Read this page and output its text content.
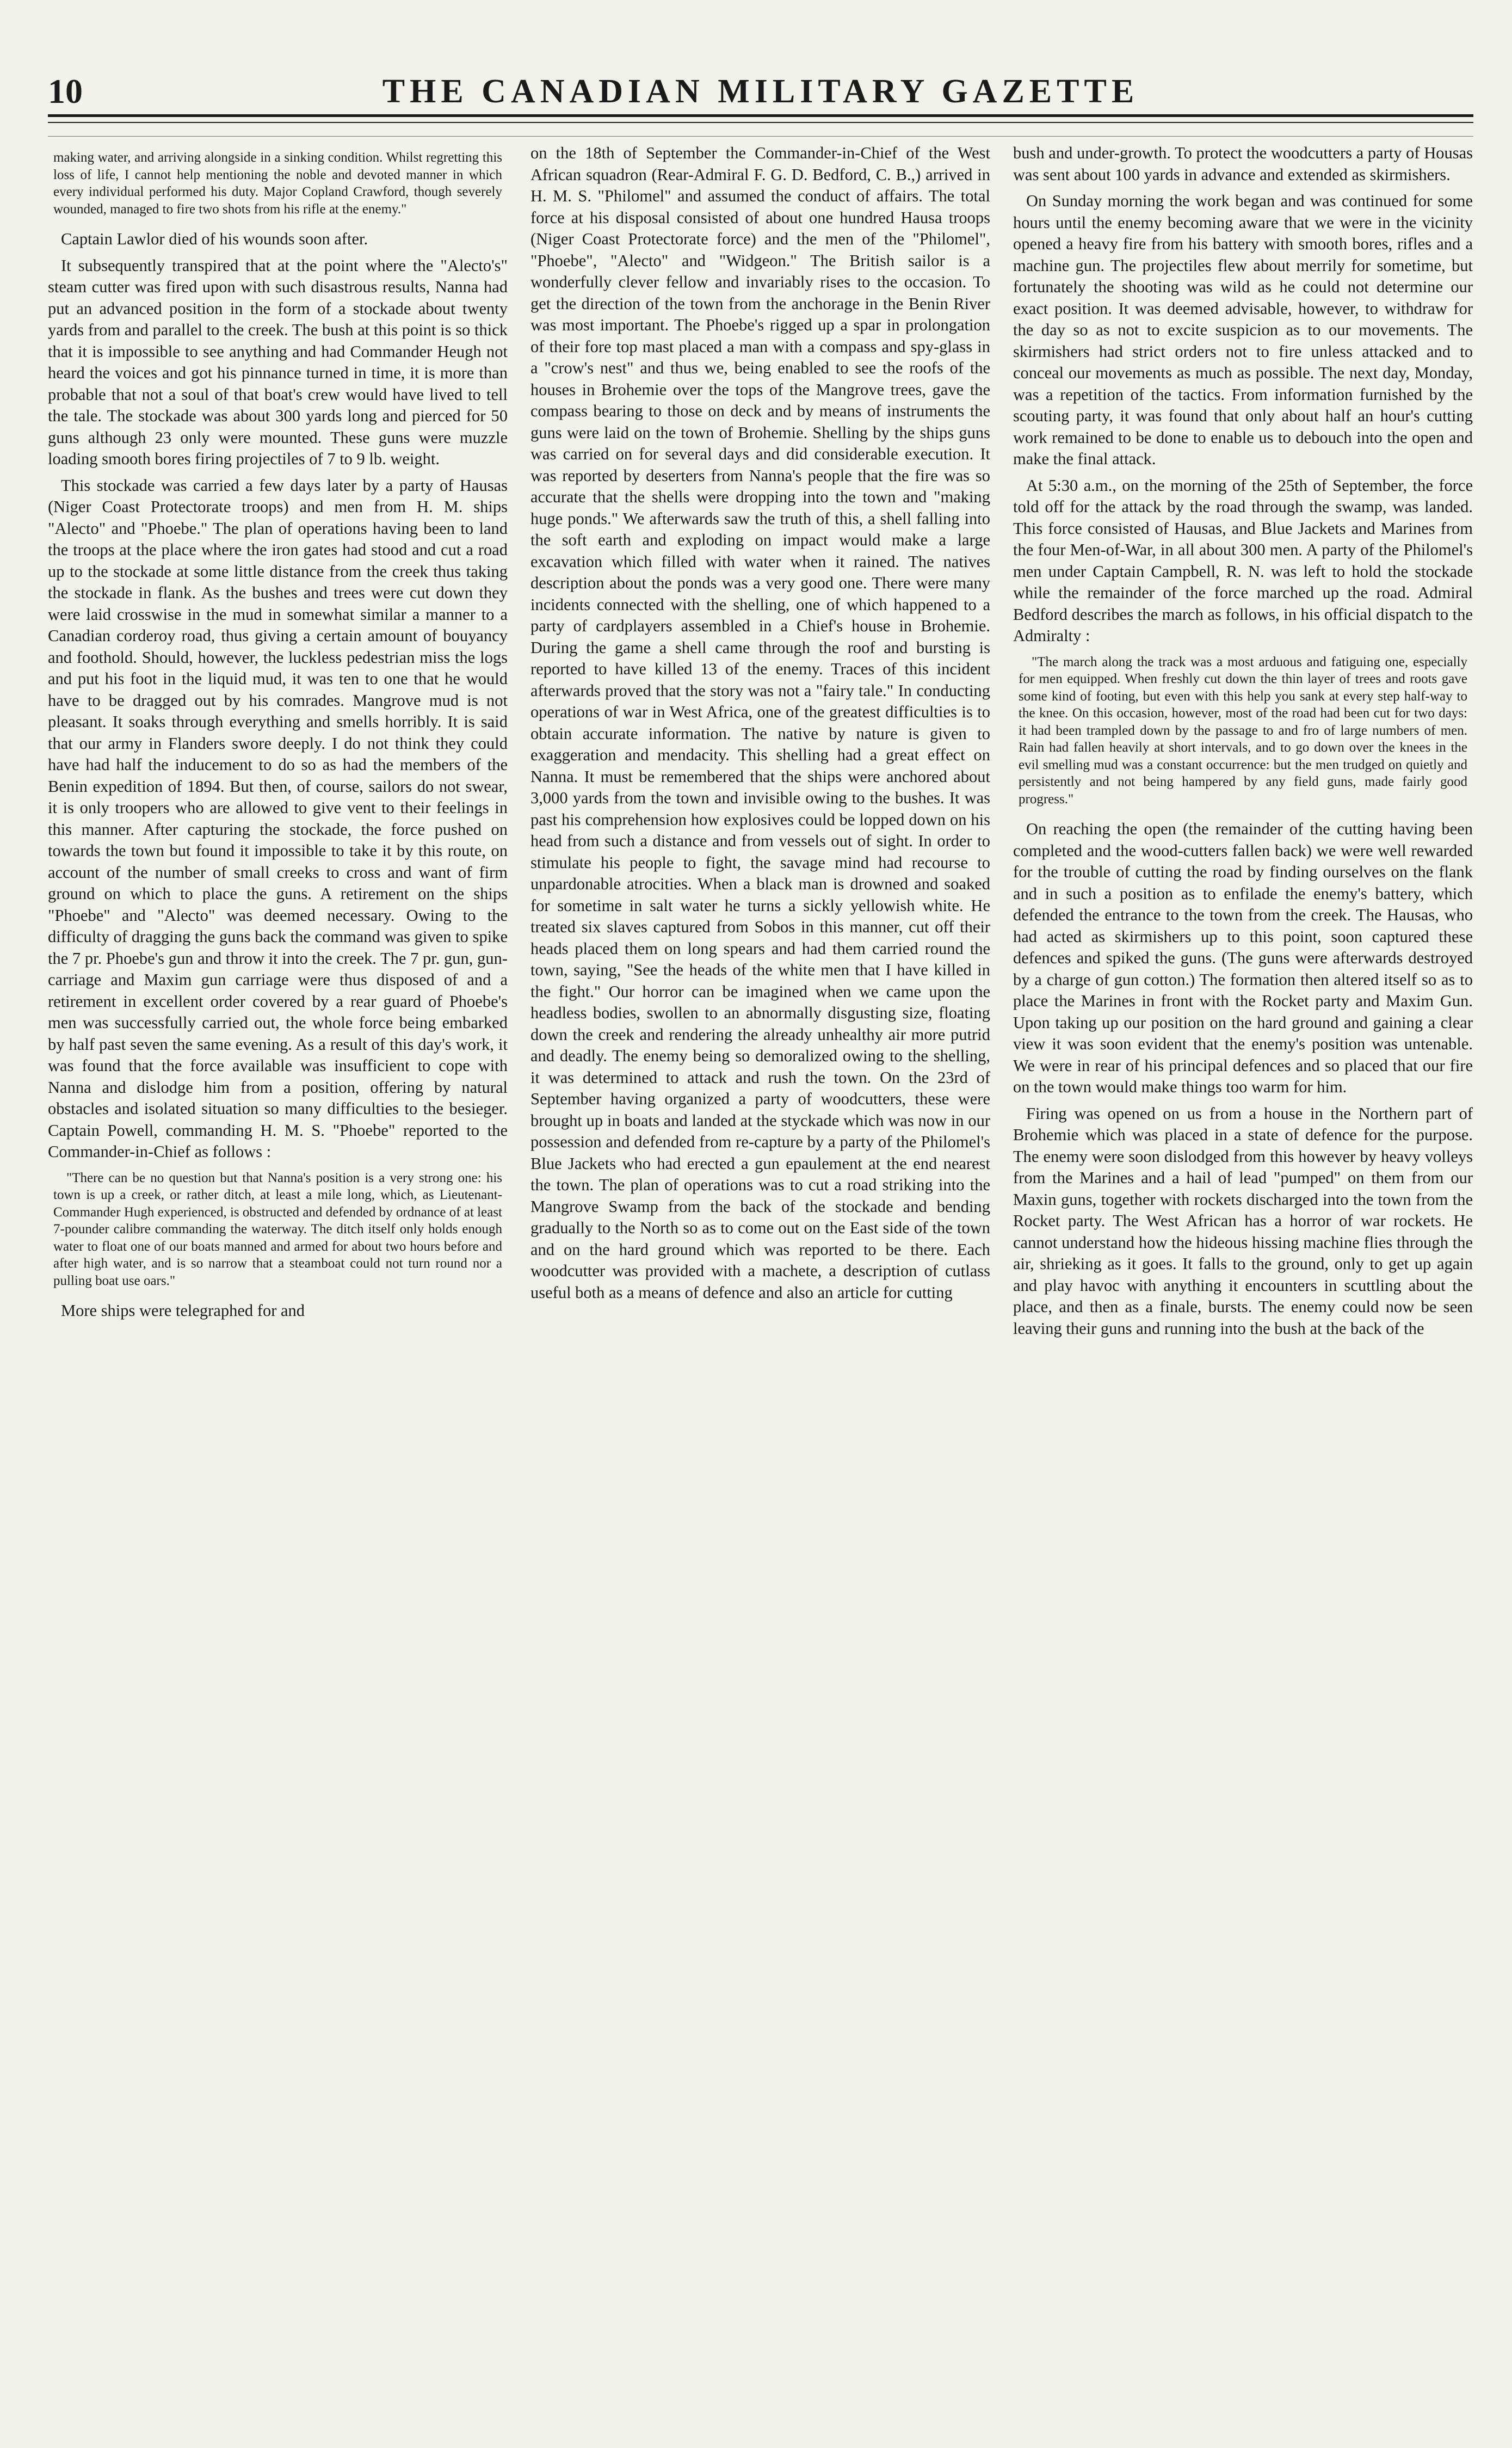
10	THE CANADIAN MILITARY GAZETTE

making water, and arriving alongside in a sinking condition. Whilst regretting this loss of life, I cannot help mentioning the noble and devoted manner in which every individual performed his duty. Major Copland Crawford, though severely wounded, managed to fire two shots from his rifle at the enemy."

Captain Lawlor died of his wounds soon after.

It subsequently transpired that at the point where the "Alecto's" steam cutter was fired upon with such disastrous results, Nanna had put an advanced position in the form of a stockade about twenty yards from and parallel to the creek. The bush at this point is so thick that it is impossible to see anything and had Commander Heugh not heard the voices and got his pinnance turned in time, it is more than probable that not a soul of that boat's crew would have lived to tell the tale. The stockade was about 300 yards long and pierced for 50 guns although 23 only were mounted. These guns were muzzle loading smooth bores firing projectiles of 7 to 9 lb. weight.

This stockade was carried a few days later by a party of Hausas (Niger Coast Protectorate troops) and men from H. M. ships "Alecto" and "Phoebe." The plan of operations having been to land the troops at the place where the iron gates had stood and cut a road up to the stockade at some little distance from the creek thus taking the stockade in flank. As the bushes and trees were cut down they were laid crosswise in the mud in somewhat similar a manner to a Canadian corderoy road, thus giving a certain amount of bouyancy and foothold. Should, however, the luckless pedestrian miss the logs and put his foot in the liquid mud, it was ten to one that he would have to be dragged out by his comrades. Mangrove mud is not pleasant. It soaks through everything and smells horribly. It is said that our army in Flanders swore deeply. I do not think they could have had half the inducement to do so as had the members of the Benin expedition of 1894. But then, of course, sailors do not swear, it is only troopers who are allowed to give vent to their feelings in this manner. After capturing the stockade, the force pushed on towards the town but found it impossible to take it by this route, on account of the number of small creeks to cross and want of firm ground on which to place the guns. A retirement on the ships "Phoebe" and "Alecto" was deemed necessary. Owing to the difficulty of dragging the guns back the command was given to spike the 7 pr. Phoebe's gun and throw it into the creek. The 7 pr. gun, gun-carriage and Maxim gun carriage were thus disposed of and a retirement in excellent order covered by a rear guard of Phoebe's men was successfully carried out, the whole force being embarked by half past seven the same evening. As a result of this day's work, it was found that the force available was insufficient to cope with Nanna and dislodge him from a position, offering by natural obstacles and isolated situation so many difficulties to the besieger. Captain Powell, commanding H. M. S. "Phoebe" reported to the Commander-in-Chief as follows :

"There can be no question but that Nanna's position is a very strong one: his town is up a creek, or rather ditch, at least a mile long, which, as Lieutenant-Commander Hugh experienced, is obstructed and defended by ordnance of at least 7-pounder calibre commanding the waterway. The ditch itself only holds enough water to float one of our boats manned and armed for about two hours before and after high water, and is so narrow that a steamboat could not turn round nor a pulling boat use oars."

More ships were telegraphed for and

on the 18th of September the Commander-in-Chief of the West African squadron (Rear-Admiral F. G. D. Bedford, C. B.,) arrived in H. M. S. "Philomel" and assumed the conduct of affairs. The total force at his disposal consisted of about one hundred Hausa troops (Niger Coast Protectorate force) and the men of the "Philomel", "Phoebe", "Alecto" and "Widgeon." The British sailor is a wonderfully clever fellow and invariably rises to the occasion. To get the direction of the town from the anchorage in the Benin River was most important. The Phoebe's rigged up a spar in prolongation of their fore top mast placed a man with a compass and spy-glass in a "crow's nest" and thus we, being enabled to see the roofs of the houses in Brohemie over the tops of the Mangrove trees, gave the compass bearing to those on deck and by means of instruments the guns were laid on the town of Brohemie. Shelling by the ships guns was carried on for several days and did considerable execution. It was reported by deserters from Nanna's people that the fire was so accurate that the shells were dropping into the town and "making huge ponds." We afterwards saw the truth of this, a shell falling into the soft earth and exploding on impact would make a large excavation which filled with water when it rained. The natives description about the ponds was a very good one. There were many incidents connected with the shelling, one of which happened to a party of cardplayers assembled in a Chief's house in Brohemie. During the game a shell came through the roof and bursting is reported to have killed 13 of the enemy. Traces of this incident afterwards proved that the story was not a "fairy tale." In conducting operations of war in West Africa, one of the greatest difficulties is to obtain accurate information. The native by nature is given to exaggeration and mendacity. This shelling had a great effect on Nanna. It must be remembered that the ships were anchored about 3,000 yards from the town and invisible owing to the bushes. It was past his comprehension how explosives could be lopped down on his head from such a distance and from vessels out of sight. In order to stimulate his people to fight, the savage mind had recourse to unpardonable atrocities. When a black man is drowned and soaked for sometime in salt water he turns a sickly yellowish white. He treated six slaves captured from Sobos in this manner, cut off their heads placed them on long spears and had them carried round the town, saying, "See the heads of the white men that I have killed in the fight." Our horror can be imagined when we came upon the headless bodies, swollen to an abnormally disgusting size, floating down the creek and rendering the already unhealthy air more putrid and deadly. The enemy being so demoralized owing to the shelling, it was determined to attack and rush the town. On the 23rd of September having organized a party of woodcutters, these were brought up in boats and landed at the styckade which was now in our possession and defended from re-capture by a party of the Philomel's Blue Jackets who had erected a gun epaulement at the end nearest the town. The plan of operations was to cut a road striking into the Mangrove Swamp from the back of the stockade and bending gradually to the North so as to come out on the East side of the town and on the hard ground which was reported to be there. Each woodcutter was provided with a machete, a description of cutlass useful both as a means of defence and also an article for cutting

bush and under-growth. To protect the woodcutters a party of Housas was sent about 100 yards in advance and extended as skirmishers.

On Sunday morning the work began and was continued for some hours until the enemy becoming aware that we were in the vicinity opened a heavy fire from his battery with smooth bores, rifles and a machine gun. The projectiles flew about merrily for sometime, but fortunately the shooting was wild as he could not determine our exact position. It was deemed advisable, however, to withdraw for the day so as not to excite suspicion as to our movements. The skirmishers had strict orders not to fire unless attacked and to conceal our movements as much as possible. The next day, Monday, was a repetition of the tactics. From information furnished by the scouting party, it was found that only about half an hour's cutting work remained to be done to enable us to debouch into the open and make the final attack.

At 5:30 a.m., on the morning of the 25th of September, the force told off for the attack by the road through the swamp, was landed. This force consisted of Hausas, and Blue Jackets and Marines from the four Men-of-War, in all about 300 men. A party of the Philomel's men under Captain Campbell, R. N. was left to hold the stockade while the remainder of the force marched up the road. Admiral Bedford describes the march as follows, in his official dispatch to the Admiralty :

"The march along the track was a most arduous and fatiguing one, especially for men equipped. When freshly cut down the thin layer of trees and roots gave some kind of footing, but even with this help you sank at every step half-way to the knee. On this occasion, however, most of the road had been cut for two days: it had been trampled down by the passage to and fro of large numbers of men. Rain had fallen heavily at short intervals, and to go down over the knees in the evil smelling mud was a constant occurrence: but the men trudged on quietly and persistently and not being hampered by any field guns, made fairly good progress."

On reaching the open (the remainder of the cutting having been completed and the wood-cutters fallen back) we were well rewarded for the trouble of cutting the road by finding ourselves on the flank and in such a position as to enfilade the enemy's battery, which defended the entrance to the town from the creek. The Hausas, who had acted as skirmishers up to this point, soon captured these defences and spiked the guns. (The guns were afterwards destroyed by a charge of gun cotton.) The formation then altered itself so as to place the Marines in front with the Rocket party and Maxim Gun. Upon taking up our position on the hard ground and gaining a clear view it was soon evident that the enemy's position was untenable. We were in rear of his principal defences and so placed that our fire on the town would make things too warm for him.

Firing was opened on us from a house in the Northern part of Brohemie which was placed in a state of defence for the purpose. The enemy were soon dislodged from this however by heavy volleys from the Marines and a hail of lead "pumped" on them from our Maxin guns, together with rockets discharged into the town from the Rocket party. The West African has a horror of war rockets. He cannot understand how the hideous hissing machine flies through the air, shrieking as it goes. It falls to the ground, only to get up again and play havoc with anything it encounters in scuttling about the place, and then as a finale, bursts. The enemy could now be seen leaving their guns and running into the bush at the back of the
